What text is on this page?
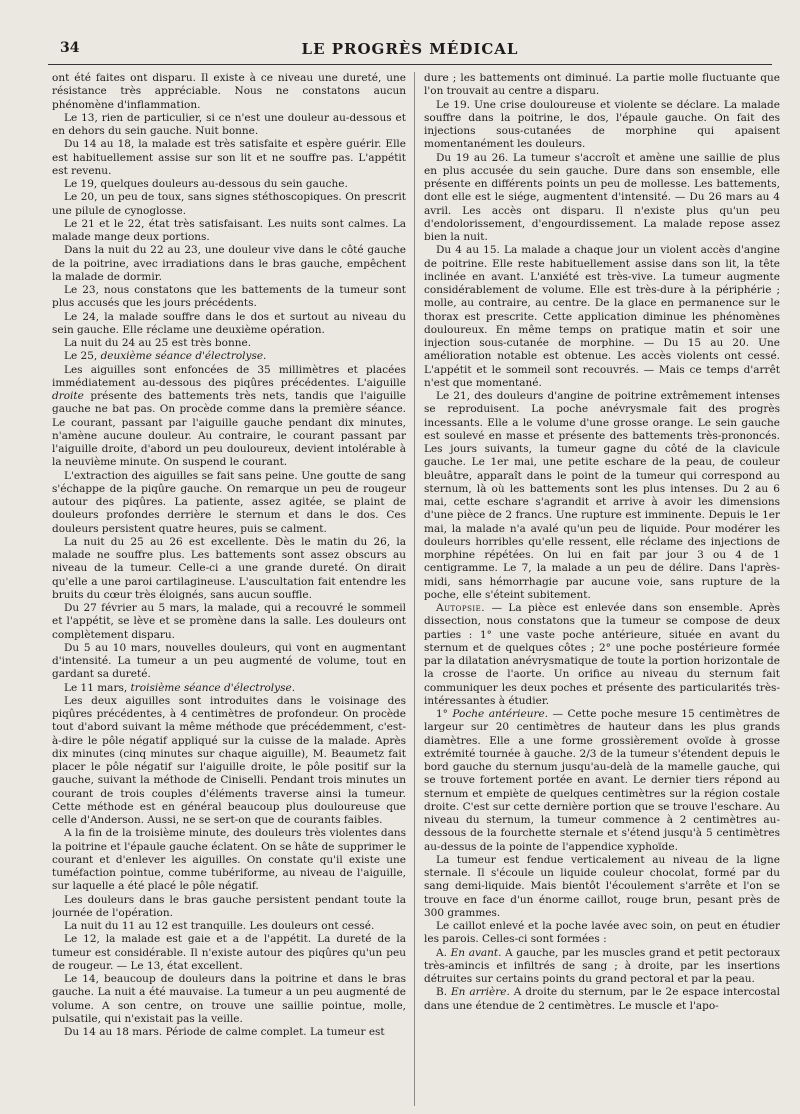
34	LE PROGRÈS MÉDICAL

ont été faites ont disparu. Il existe à ce niveau une dureté, une résistance très appréciable. Nous ne constatons aucun phénomène d'inflammation.

Le 13, rien de particulier, si ce n'est une douleur au-dessous et en dehors du sein gauche. Nuit bonne.

Du 14 au 18, la malade est très satisfaite et espère guérir. Elle est habituellement assise sur son lit et ne souffre pas. L'appétit est revenu.

Le 19, quelques douleurs au-dessous du sein gauche.

Le 20, un peu de toux, sans signes stéthoscopiques. On prescrit une pilule de cynoglosse.

Le 21 et le 22, état très satisfaisant. Les nuits sont calmes. La malade mange deux portions.

Dans la nuit du 22 au 23, une douleur vive dans le côté gauche de la poitrine, avec irradiations dans le bras gauche, empêchent la malade de dormir.

Le 23, nous constatons que les battements de la tumeur sont plus accusés que les jours précédents.

Le 24, la malade souffre dans le dos et surtout au niveau du sein gauche. Elle réclame une deuxième opération.

La nuit du 24 au 25 est très bonne.

Le 25, deuxième séance d'électrolyse.

Les aiguilles sont enfoncées de 35 millimètres et placées immédiatement au-dessous des piqûres précédentes. L'aiguille droite présente des battements très nets, tandis que l'aiguille gauche ne bat pas. On procède comme dans la première séance. Le courant, passant par l'aiguille gauche pendant dix minutes, n'amène aucune douleur. Au contraire, le courant passant par l'aiguille droite, d'abord un peu douloureux, devient intolérable à la neuvième minute. On suspend le courant.

L'extraction des aiguilles se fait sans peine. Une goutte de sang s'échappe de la piqûre gauche. On remarque un peu de rougeur autour des piqûres. La patiente, assez agitée, se plaint de douleurs profondes derrière le sternum et dans le dos. Ces douleurs persistent quatre heures, puis se calment.

La nuit du 25 au 26 est excellente. Dès le matin du 26, la malade ne souffre plus. Les battements sont assez obscurs au niveau de la tumeur. Celle-ci a une grande dureté. On dirait qu'elle a une paroi cartilagineuse. L'auscultation fait entendre les bruits du cœur très éloignés, sans aucun souffle.

Du 27 février au 5 mars, la malade, qui a recouvré le sommeil et l'appétit, se lève et se promène dans la salle. Les douleurs ont complètement disparu.

Du 5 au 10 mars, nouvelles douleurs, qui vont en augmentant d'intensité. La tumeur a un peu augmenté de volume, tout en gardant sa dureté.

Le 11 mars, troisième séance d'électrolyse.

Les deux aiguilles sont introduites dans le voisinage des piqûres précédentes, à 4 centimètres de profondeur. On procède tout d'abord suivant la même méthode que précédemment, c'est-à-dire le pôle négatif appliqué sur la cuisse de la malade. Après dix minutes (cinq minutes sur chaque aiguille), M. Beaumetz fait placer le pôle négatif sur l'aiguille droite, le pôle positif sur la gauche, suivant la méthode de Ciniselli. Pendant trois minutes un courant de trois couples d'éléments traverse ainsi la tumeur. Cette méthode est en général beaucoup plus douloureuse que celle d'Anderson. Aussi, ne se sert-on que de courants faibles.

A la fin de la troisième minute, des douleurs très violentes dans la poitrine et l'épaule gauche éclatent. On se hâte de supprimer le courant et d'enlever les aiguilles. On constate qu'il existe une tuméfaction pointue, comme tubériforme, au niveau de l'aiguille, sur laquelle a été placé le pôle négatif.

Les douleurs dans le bras gauche persistent pendant toute la journée de l'opération.

La nuit du 11 au 12 est tranquille. Les douleurs ont cessé.

Le 12, la malade est gaie et a de l'appétit. La dureté de la tumeur est considérable. Il n'existe autour des piqûres qu'un peu de rougeur. — Le 13, état excellent.

Le 14, beaucoup de douleurs dans la poitrine et dans le bras gauche. La nuit a été mauvaise. La tumeur a un peu augmenté de volume. A son centre, on trouve une saillie pointue, molle, pulsatile, qui n'existait pas la veille.

Du 14 au 18 mars. Période de calme complet. La tumeur est

dure ; les battements ont diminué. La partie molle fluctuante que l'on trouvait au centre a disparu.

Le 19. Une crise douloureuse et violente se déclare. La malade souffre dans la poitrine, le dos, l'épaule gauche. On fait des injections sous-cutanées de morphine qui apaisent momentanément les douleurs.

Du 19 au 26. La tumeur s'accroît et amène une saillie de plus en plus accusée du sein gauche. Dure dans son ensemble, elle présente en différents points un peu de mollesse. Les battements, dont elle est le siége, augmentent d'intensité. — Du 26 mars au 4 avril. Les accès ont disparu. Il n'existe plus qu'un peu d'endolorissement, d'engourdissement. La malade repose assez bien la nuit.

Du 4 au 15. La malade a chaque jour un violent accès d'angine de poitrine. Elle reste habituellement assise dans son lit, la tête inclinée en avant. L'anxiété est très-vive. La tumeur augmente considérablement de volume. Elle est très-dure à la périphérie ; molle, au contraire, au centre. De la glace en permanence sur le thorax est prescrite. Cette application diminue les phénomènes douloureux. En même temps on pratique matin et soir une injection sous-cutanée de morphine. — Du 15 au 20. Une amélioration notable est obtenue. Les accès violents ont cessé. L'appétit et le sommeil sont recouvrés. — Mais ce temps d'arrêt n'est que momentané.

Le 21, des douleurs d'angine de poitrine extrêmement intenses se reproduisent. La poche anévrysmale fait des progrès incessants. Elle a le volume d'une grosse orange. Le sein gauche est soulevé en masse et présente des battements très-prononcés. Les jours suivants, la tumeur gagne du côté de la clavicule gauche. Le 1er mai, une petite eschare de la peau, de couleur bleuâtre, apparaît dans le point de la tumeur qui correspond au sternum, là où les battements sont les plus intenses. Du 2 au 6 mai, cette eschare s'agrandit et arrive à avoir les dimensions d'une pièce de 2 francs. Une rupture est imminente. Depuis le 1er mai, la malade n'a avalé qu'un peu de liquide. Pour modérer les douleurs horribles qu'elle ressent, elle réclame des injections de morphine répétées. On lui en fait par jour 3 ou 4 de 1 centigramme. Le 7, la malade a un peu de délire. Dans l'après-midi, sans hémorrhagie par aucune voie, sans rupture de la poche, elle s'éteint subitement.

Autopsie. — La pièce est enlevée dans son ensemble. Après dissection, nous constatons que la tumeur se compose de deux parties : 1° une vaste poche antérieure, située en avant du sternum et de quelques côtes ; 2° une poche postérieure formée par la dilatation anévrysmatique de toute la portion horizontale de la crosse de l'aorte. Un orifice au niveau du sternum fait communiquer les deux poches et présente des particularités très-intéressantes à étudier.

1° Poche antérieure. — Cette poche mesure 15 centimètres de largeur sur 20 centimètres de hauteur dans les plus grands diamètres. Elle a une forme grossièrement ovoïde à grosse extrémité tournée à gauche. 2/3 de la tumeur s'étendent depuis le bord gauche du sternum jusqu'au-delà de la mamelle gauche, qui se trouve fortement portée en avant. Le dernier tiers répond au sternum et empiète de quelques centimètres sur la région costale droite. C'est sur cette dernière portion que se trouve l'eschare. Au niveau du sternum, la tumeur commence à 2 centimètres au-dessous de la fourchette sternale et s'étend jusqu'à 5 centimètres au-dessus de la pointe de l'appendice xyphoïde.

La tumeur est fendue verticalement au niveau de la ligne sternale. Il s'écoule un liquide couleur chocolat, formé par du sang demi-liquide. Mais bientôt l'écoulement s'arrête et l'on se trouve en face d'un énorme caillot, rouge brun, pesant près de 300 grammes.

Le caillot enlevé et la poche lavée avec soin, on peut en étudier les parois. Celles-ci sont formées :

A. En avant. A gauche, par les muscles grand et petit pectoraux très-amincis et infiltrés de sang ; à droite, par les insertions détruites sur certains points du grand pectoral et par la peau.

B. En arrière. A droite du sternum, par le 2e espace intercostal dans une étendue de 2 centimètres. Le muscle et l'apo-
